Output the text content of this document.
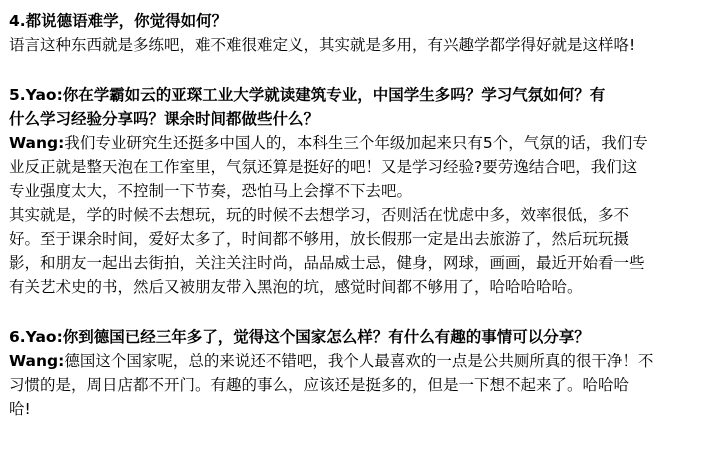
4.都说德语难学，你觉得如何？
语言这种东西就是多练吧，难不难很难定义，其实就是多用，有兴趣学都学得好就是这样咯!
5.Yao:你在学霸如云的亚琛工业大学就读建筑专业，中国学生多吗？学习气氛如何？有
什么学习经验分享吗？课余时间都做些什么？
Wang:我们专业研究生还挺多中国人的，本科生三个年级加起来只有5个，气氛的话，我们专
业反正就是整天泡在工作室里，气氛还算是挺好的吧！又是学习经验?要劳逸结合吧，我们这
专业强度太大，不控制一下节奏，恐怕马上会撑不下去吧。
其实就是，学的时候不去想玩，玩的时候不去想学习，否则活在忧虑中多，效率很低，多不
好。至于课余时间，爱好太多了，时间都不够用，放长假那一定是出去旅游了，然后玩玩摄
影，和朋友一起出去街拍，关注关注时尚，品品威士忌，健身，网球，画画，最近开始看一些
有关艺术史的书，然后又被朋友带入黑泡的坑，感觉时间都不够用了，哈哈哈哈哈。
6.Yao:你到德国已经三年多了，觉得这个国家怎么样？有什么有趣的事情可以分享？
Wang:德国这个国家呢，总的来说还不错吧，我个人最喜欢的一点是公共厕所真的很干净！不
习惯的是，周日店都不开门。有趣的事么，应该还是挺多的，但是一下想不起来了。哈哈哈
哈!
